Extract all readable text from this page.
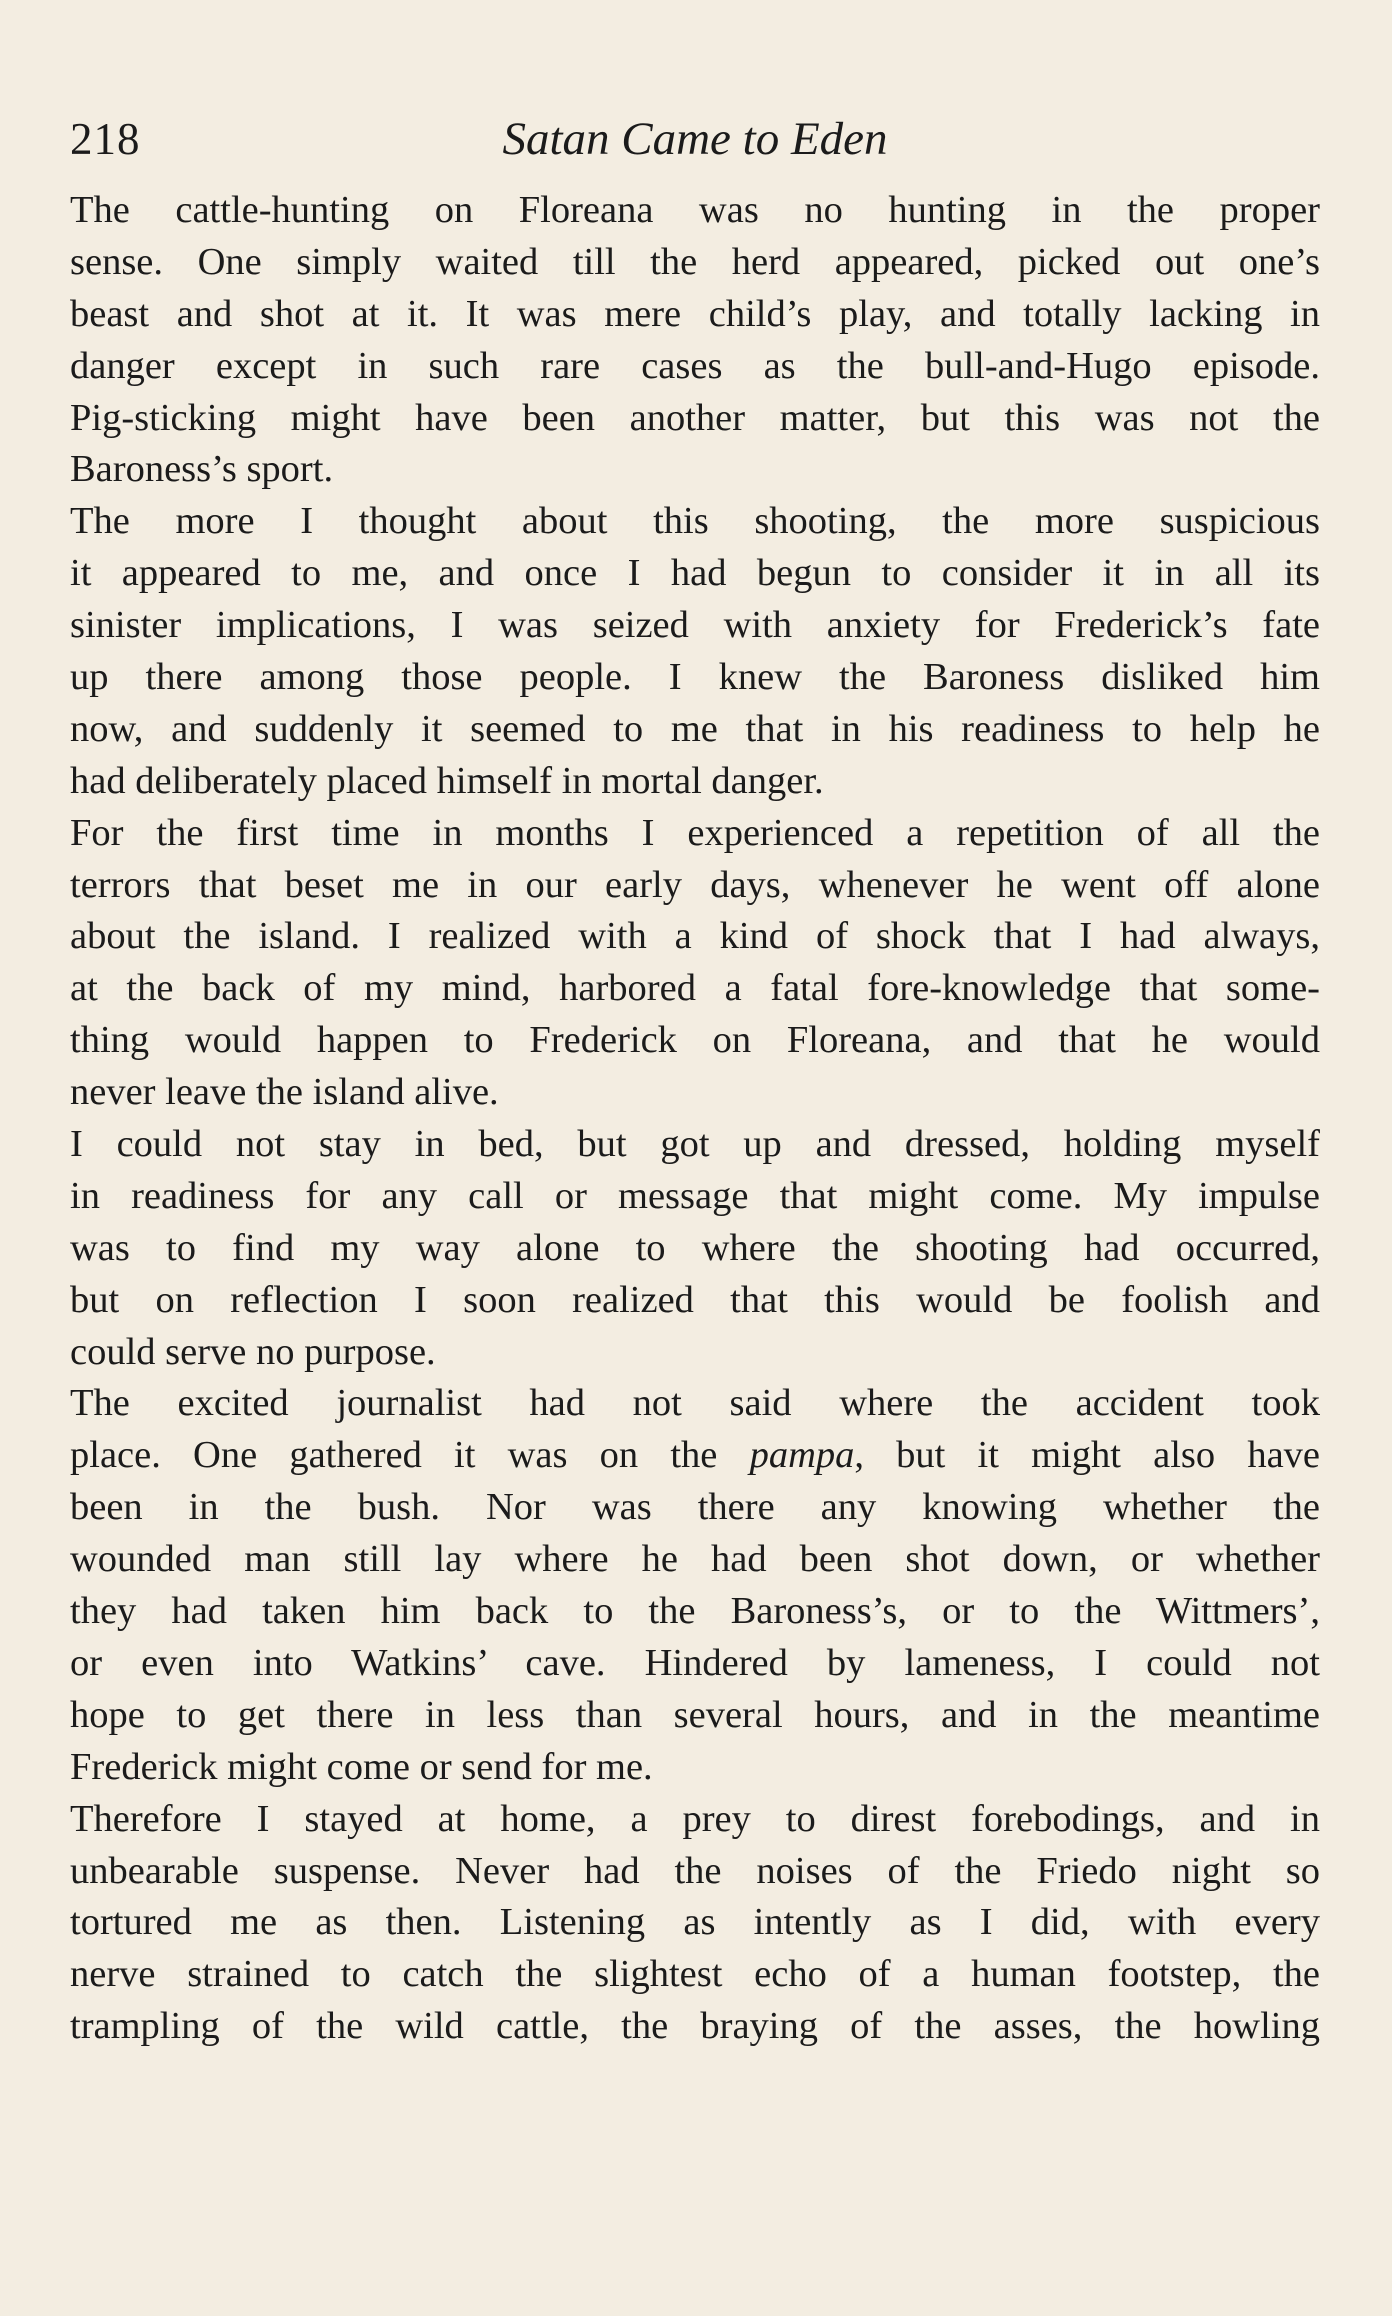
218	Satan Came to Eden
The cattle-hunting on Floreana was no hunting in the proper
sense. One simply waited till the herd appeared, picked out one’s
beast and shot at it. It was mere child’s play, and totally lacking in
danger except in such rare cases as the bull-and-Hugo episode.
Pig-sticking might have been another matter, but this was not the
Baroness’s sport.
The more I thought about this shooting, the more suspicious
it appeared to me, and once I had begun to consider it in all its
sinister implications, I was seized with anxiety for Frederick’s fate
up there among those people. I knew the Baroness disliked him
now, and suddenly it seemed to me that in his readiness to help he
had deliberately placed himself in mortal danger.
For the first time in months I experienced a repetition of all the
terrors that beset me in our early days, whenever he went off alone
about the island. I realized with a kind of shock that I had always,
at the back of my mind, harbored a fatal fore-knowledge that some-
thing would happen to Frederick on Floreana, and that he would
never leave the island alive.
I could not stay in bed, but got up and dressed, holding myself
in readiness for any call or message that might come. My impulse
was to find my way alone to where the shooting had occurred,
but on reflection I soon realized that this would be foolish and
could serve no purpose.
The excited journalist had not said where the accident took
place. One gathered it was on the pampa, but it might also have
been in the bush. Nor was there any knowing whether the
wounded man still lay where he had been shot down, or whether
they had taken him back to the Baroness’s, or to the Wittmers’,
or even into Watkins’ cave. Hindered by lameness, I could not
hope to get there in less than several hours, and in the meantime
Frederick might come or send for me.
Therefore I stayed at home, a prey to direst forebodings, and in
unbearable suspense. Never had the noises of the Friedo night so
tortured me as then. Listening as intently as I did, with every
nerve strained to catch the slightest echo of a human footstep, the
trampling of the wild cattle, the braying of the asses, the howling
